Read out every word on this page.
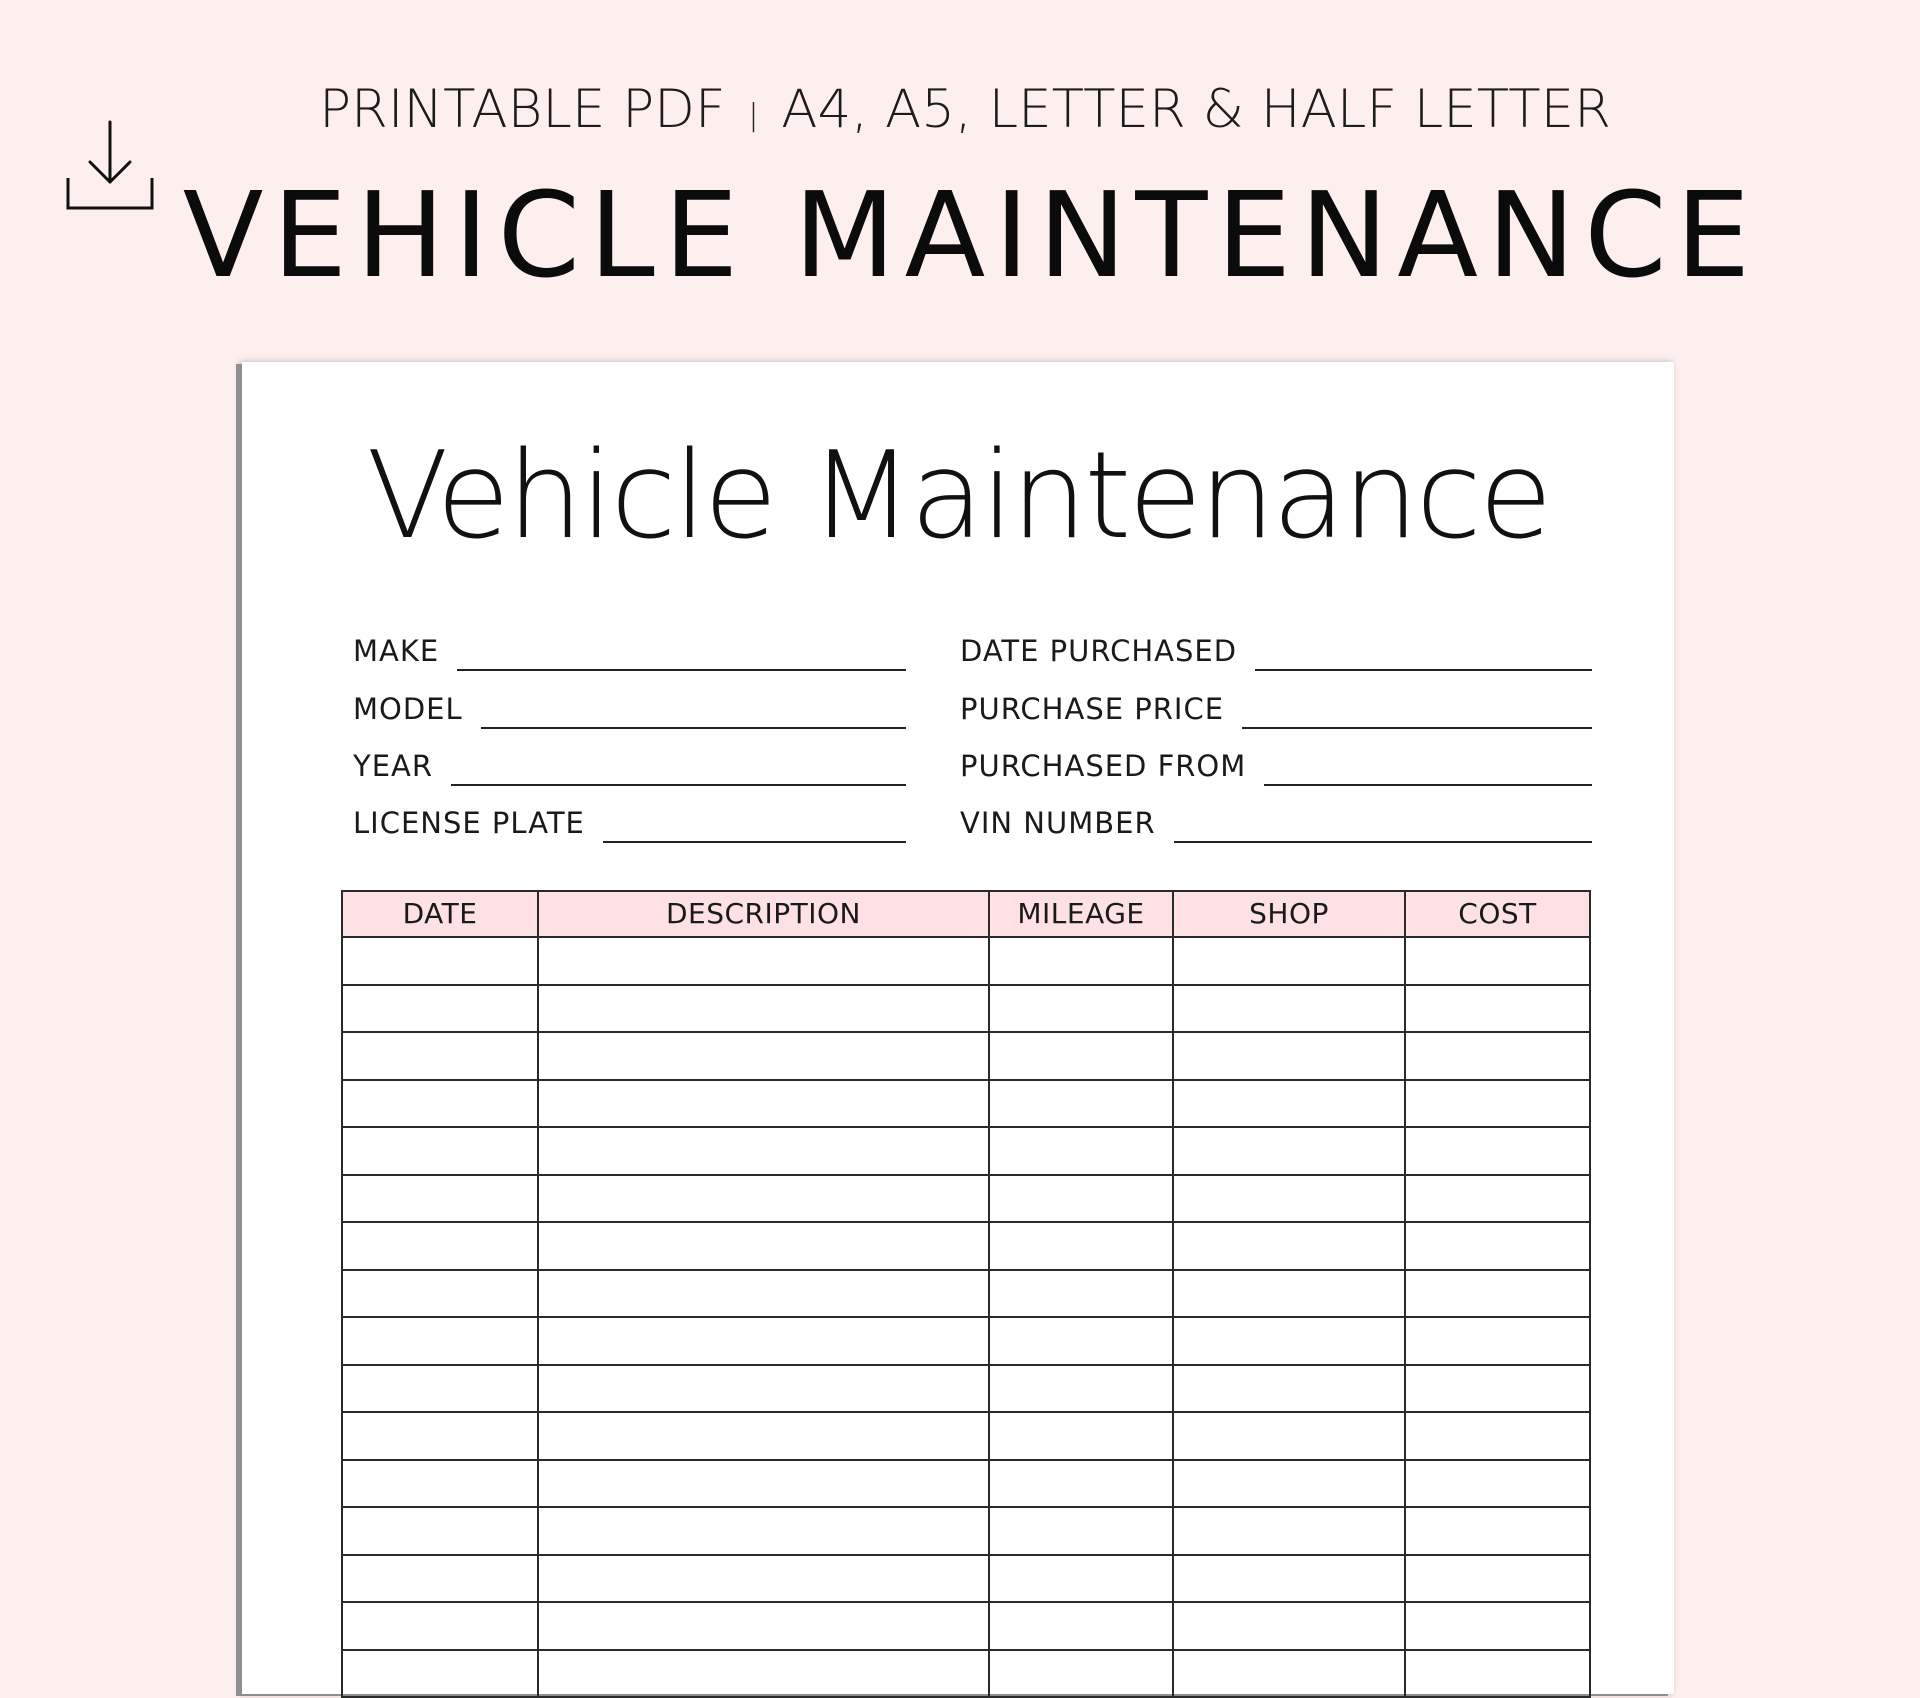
PRINTABLE PDF | A4, A5, LETTER & HALF LETTER
VEHICLE MAINTENANCE
Vehicle Maintenance
MAKE
MODEL
YEAR
LICENSE PLATE
DATE PURCHASED
PURCHASE PRICE
PURCHASED FROM
VIN NUMBER
DATE	DESCRIPTION	MILEAGE	SHOP	COST
